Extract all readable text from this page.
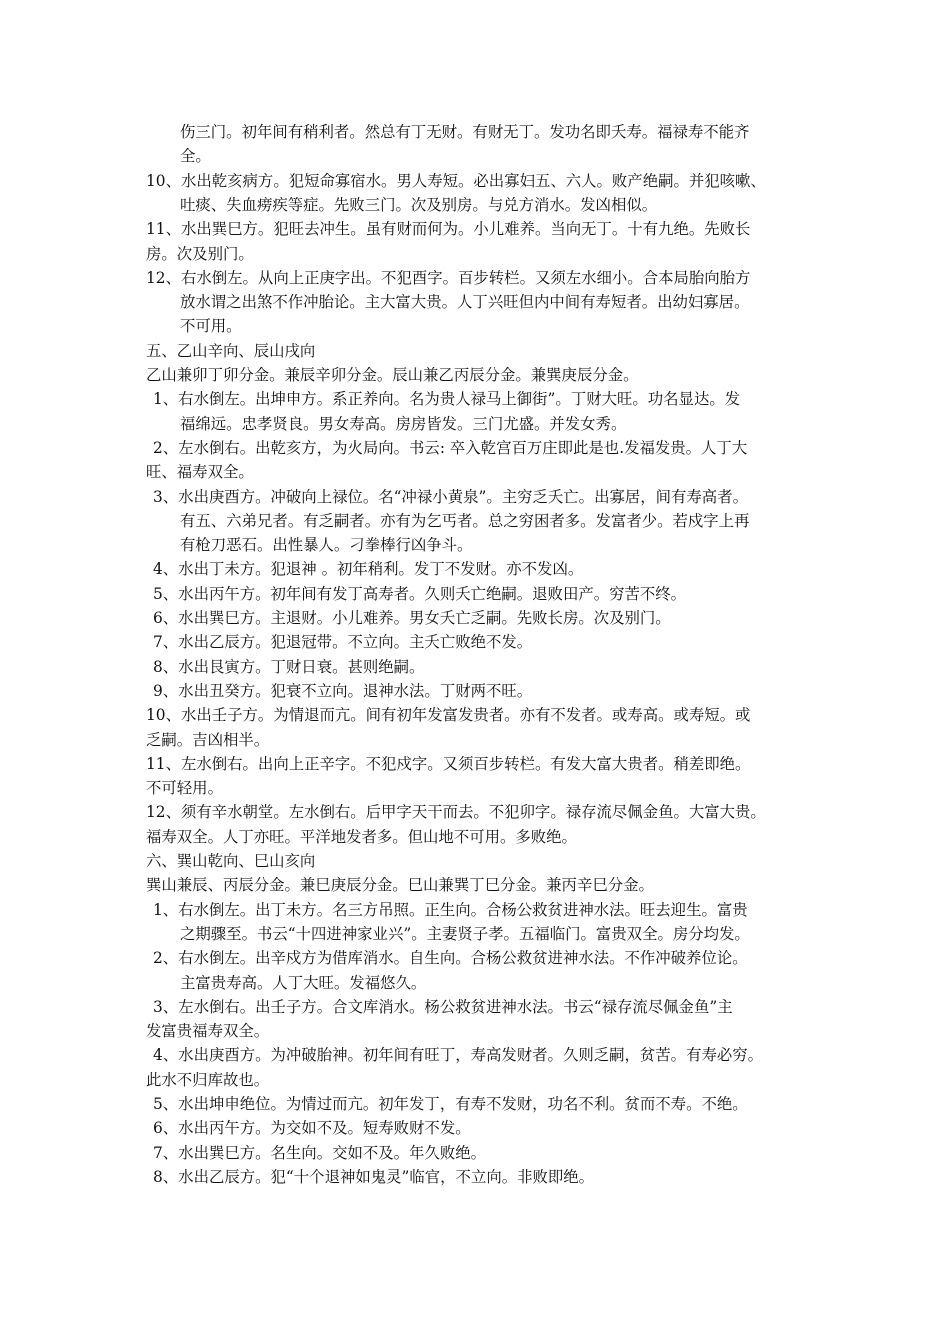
伤三门。初年间有稍利者。然总有丁无财。有财无丁。发功名即夭寿。福禄寿不能齐
全。
10、水出乾亥病方。犯短命寡宿水。男人寿短。必出寡妇五、六人。败产绝嗣。并犯咳嗽、
吐痰、失血痨疾等症。先败三门。次及别房。与兑方消水。发凶相似。
11、水出巽巳方。犯旺去冲生。虽有财而何为。小儿难养。当向无丁。十有九绝。先败长
房。次及别门。
12、右水倒左。从向上正庚字出。不犯酉字。百步转栏。又须左水细小。合本局胎向胎方
放水谓之出煞不作冲胎论。主大富大贵。人丁兴旺但内中间有寿短者。出幼妇寡居。
不可用。
五、乙山辛向、辰山戌向
乙山兼卯丁卯分金。兼辰辛卯分金。辰山兼乙丙辰分金。兼巽庚辰分金。
1、右水倒左。出坤申方。系正养向。名为贵人禄马上御街”。丁财大旺。功名显达。发
福绵远。忠孝贤良。男女寿高。房房皆发。三门尤盛。并发女秀。
2、左水倒右。出乾亥方，为火局向。书云: 卒入乾宫百万庄即此是也.发福发贵。人丁大
旺、福寿双全。
3、水出庚酉方。冲破向上禄位。名“冲禄小黄泉”。主穷乏夭亡。出寡居，间有寿高者。
有五、六弟兄者。有乏嗣者。亦有为乞丐者。总之穷困者多。发富者少。若戍字上再
有枪刀恶石。出性暴人。刁拳棒行凶争斗。
4、水出丁未方。犯退神 。初年稍利。发丁不发财。亦不发凶。
5、水出丙午方。初年间有发丁高寿者。久则夭亡绝嗣。退败田产。穷苦不终。
6、水出巽巳方。主退财。小儿难养。男女夭亡乏嗣。先败长房。次及别门。
7、水出乙辰方。犯退冠带。不立向。主夭亡败绝不发。
8、水出艮寅方。丁财日衰。甚则绝嗣。
9、水出丑癸方。犯衰不立向。退神水法。丁财两不旺。
10、水出壬子方。为情退而亢。间有初年发富发贵者。亦有不发者。或寿高。或寿短。或
乏嗣。吉凶相半。
11、左水倒右。出向上正辛字。不犯戍字。又须百步转栏。有发大富大贵者。稍差即绝。
不可轻用。
12、须有辛水朝堂。左水倒右。后甲字天干而去。不犯卯字。禄存流尽佩金鱼。大富大贵。
福寿双全。人丁亦旺。平洋地发者多。但山地不可用。多败绝。
六、巽山乾向、巳山亥向
巽山兼辰、丙辰分金。兼巳庚辰分金。巳山兼巽丁巳分金。兼丙辛巳分金。
1、右水倒左。出丁未方。名三方吊照。正生向。合杨公救贫进神水法。旺去迎生。富贵
之期骤至。书云“十四进神家业兴”。主妻贤子孝。五福临门。富贵双全。房分均发。
2、右水倒左。出辛戍方为借库消水。自生向。合杨公救贫进神水法。不作冲破养位论。
主富贵寿高。人丁大旺。发福悠久。
3、左水倒右。出壬子方。合文库消水。杨公救贫进神水法。书云“禄存流尽佩金鱼”主
发富贵福寿双全。
4、水出庚酉方。为冲破胎神。初年间有旺丁，寿高发财者。久则乏嗣，贫苦。有寿必穷。
此水不归库故也。
5、水出坤申绝位。为情过而亢。初年发丁，有寿不发财，功名不利。贫而不寿。不绝。
6、水出丙午方。为交如不及。短寿败财不发。
7、水出巽巳方。名生向。交如不及。年久败绝。
8、水出乙辰方。犯“十个退神如鬼灵”临官，不立向。非败即绝。
